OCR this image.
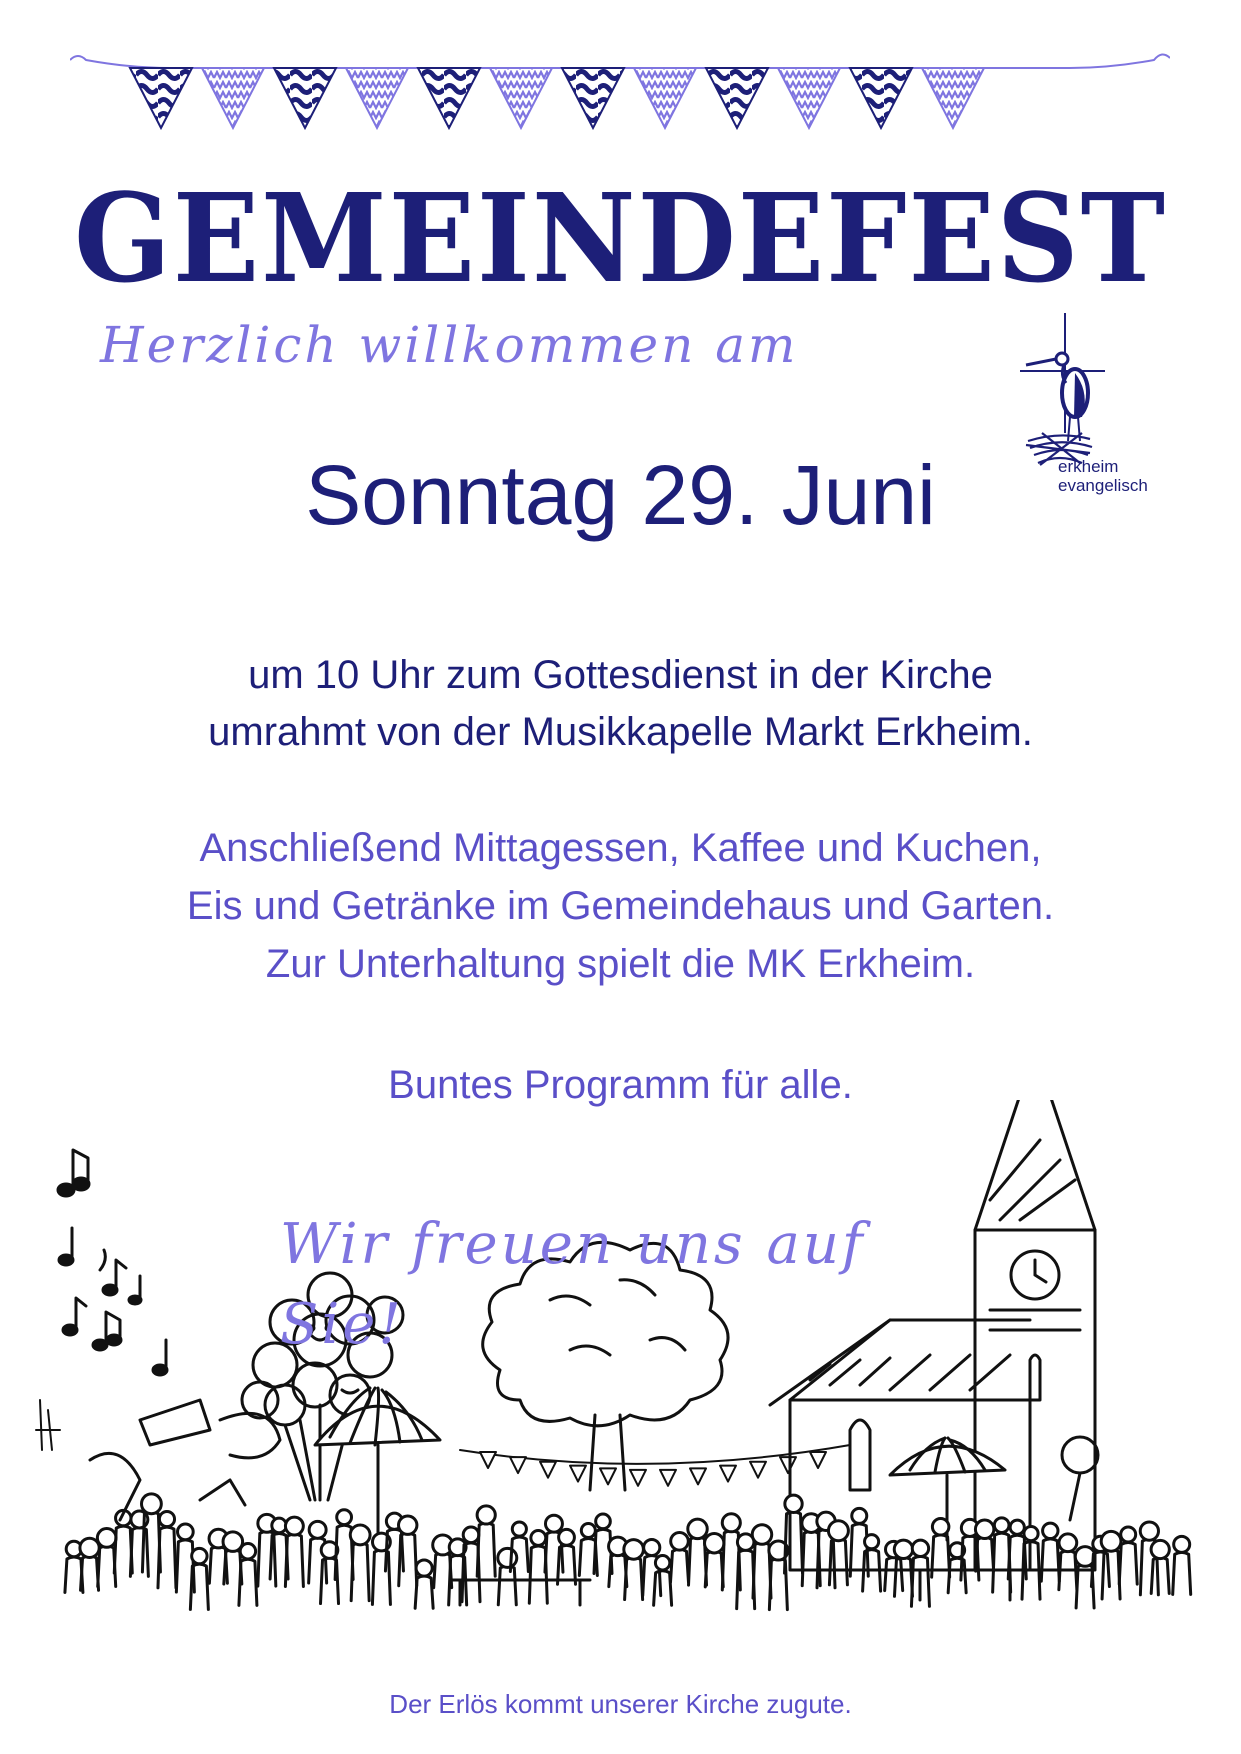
GEMEINDEFEST
Herzlich willkommen am
erkheim
evangelisch
Sonntag 29. Juni
um 10 Uhr zum Gottesdienst in der Kirche
umrahmt von der Musikkapelle Markt Erkheim.
Anschließend Mittagessen, Kaffee und Kuchen,
Eis und Getränke im Gemeindehaus und Garten.
Zur Unterhaltung spielt die MK Erkheim.
Buntes Programm für alle.
Wir freuen uns auf Sie!
Der Erlös kommt unserer Kirche zugute.
